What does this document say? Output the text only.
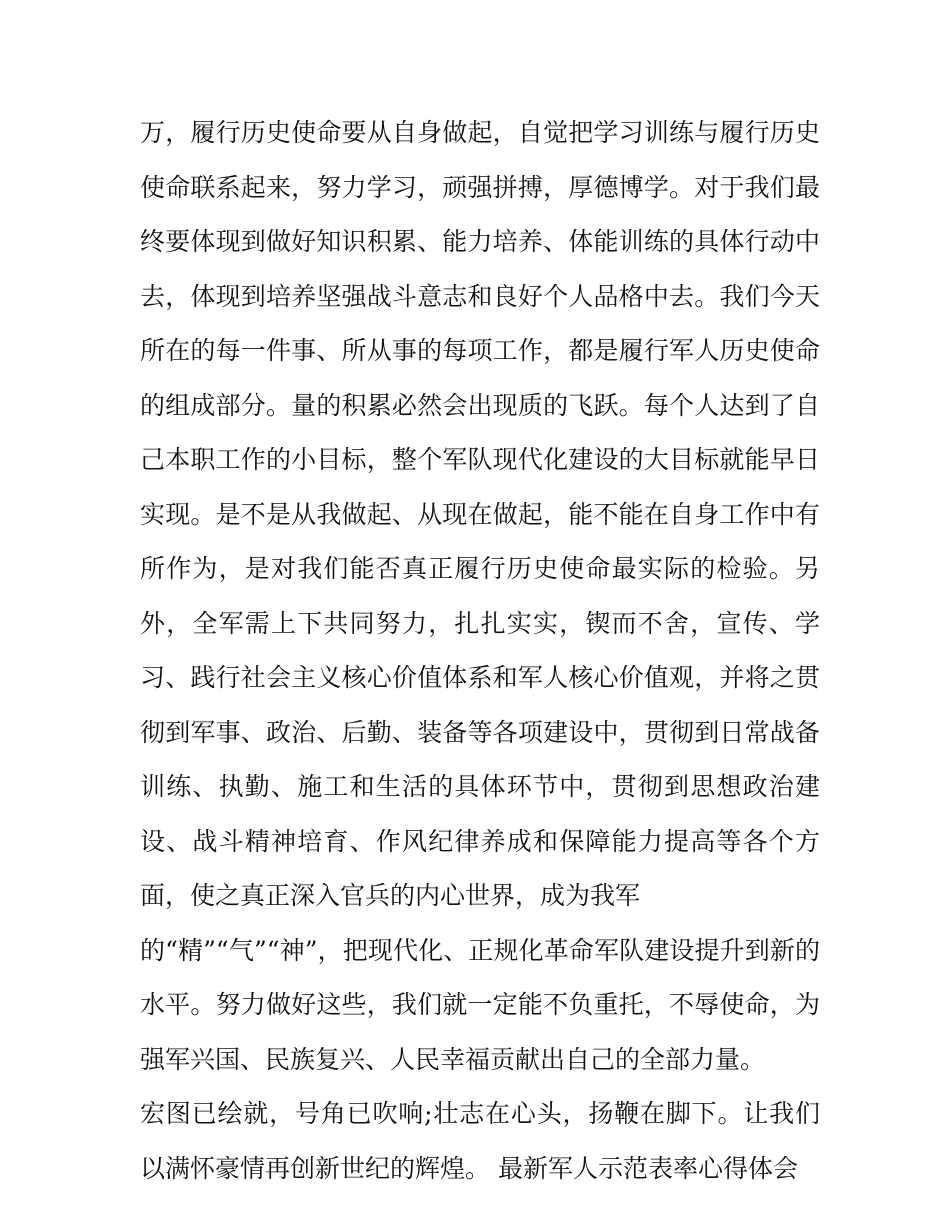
万，履行历史使命要从自身做起，自觉把学习训练与履行历史
使命联系起来，努力学习，顽强拼搏，厚德博学。对于我们最
终要体现到做好知识积累、能力培养、体能训练的具体行动中
去，体现到培养坚强战斗意志和良好个人品格中去。我们今天
所在的每一件事、所从事的每项工作，都是履行军人历史使命
的组成部分。量的积累必然会出现质的飞跃。每个人达到了自
己本职工作的小目标，整个军队现代化建设的大目标就能早日
实现。是不是从我做起、从现在做起，能不能在自身工作中有
所作为，是对我们能否真正履行历史使命最实际的检验。另
外，全军需上下共同努力，扎扎实实，锲而不舍，宣传、学
习、践行社会主义核心价值体系和军人核心价值观，并将之贯
彻到军事、政治、后勤、装备等各项建设中，贯彻到日常战备
训练、执勤、施工和生活的具体环节中，贯彻到思想政治建
设、战斗精神培育、作风纪律养成和保障能力提高等各个方
面，使之真正深入官兵的内心世界，成为我军
的“精”“气”“神”，把现代化、正规化革命军队建设提升到新的
水平。努力做好这些，我们就一定能不负重托，不辱使命，为
强军兴国、民族复兴、人民幸福贡献出自己的全部力量。
宏图已绘就，号角已吹响;壮志在心头，扬鞭在脚下。让我们
以满怀豪情再创新世纪的辉煌。 最新军人示范表率心得体会
